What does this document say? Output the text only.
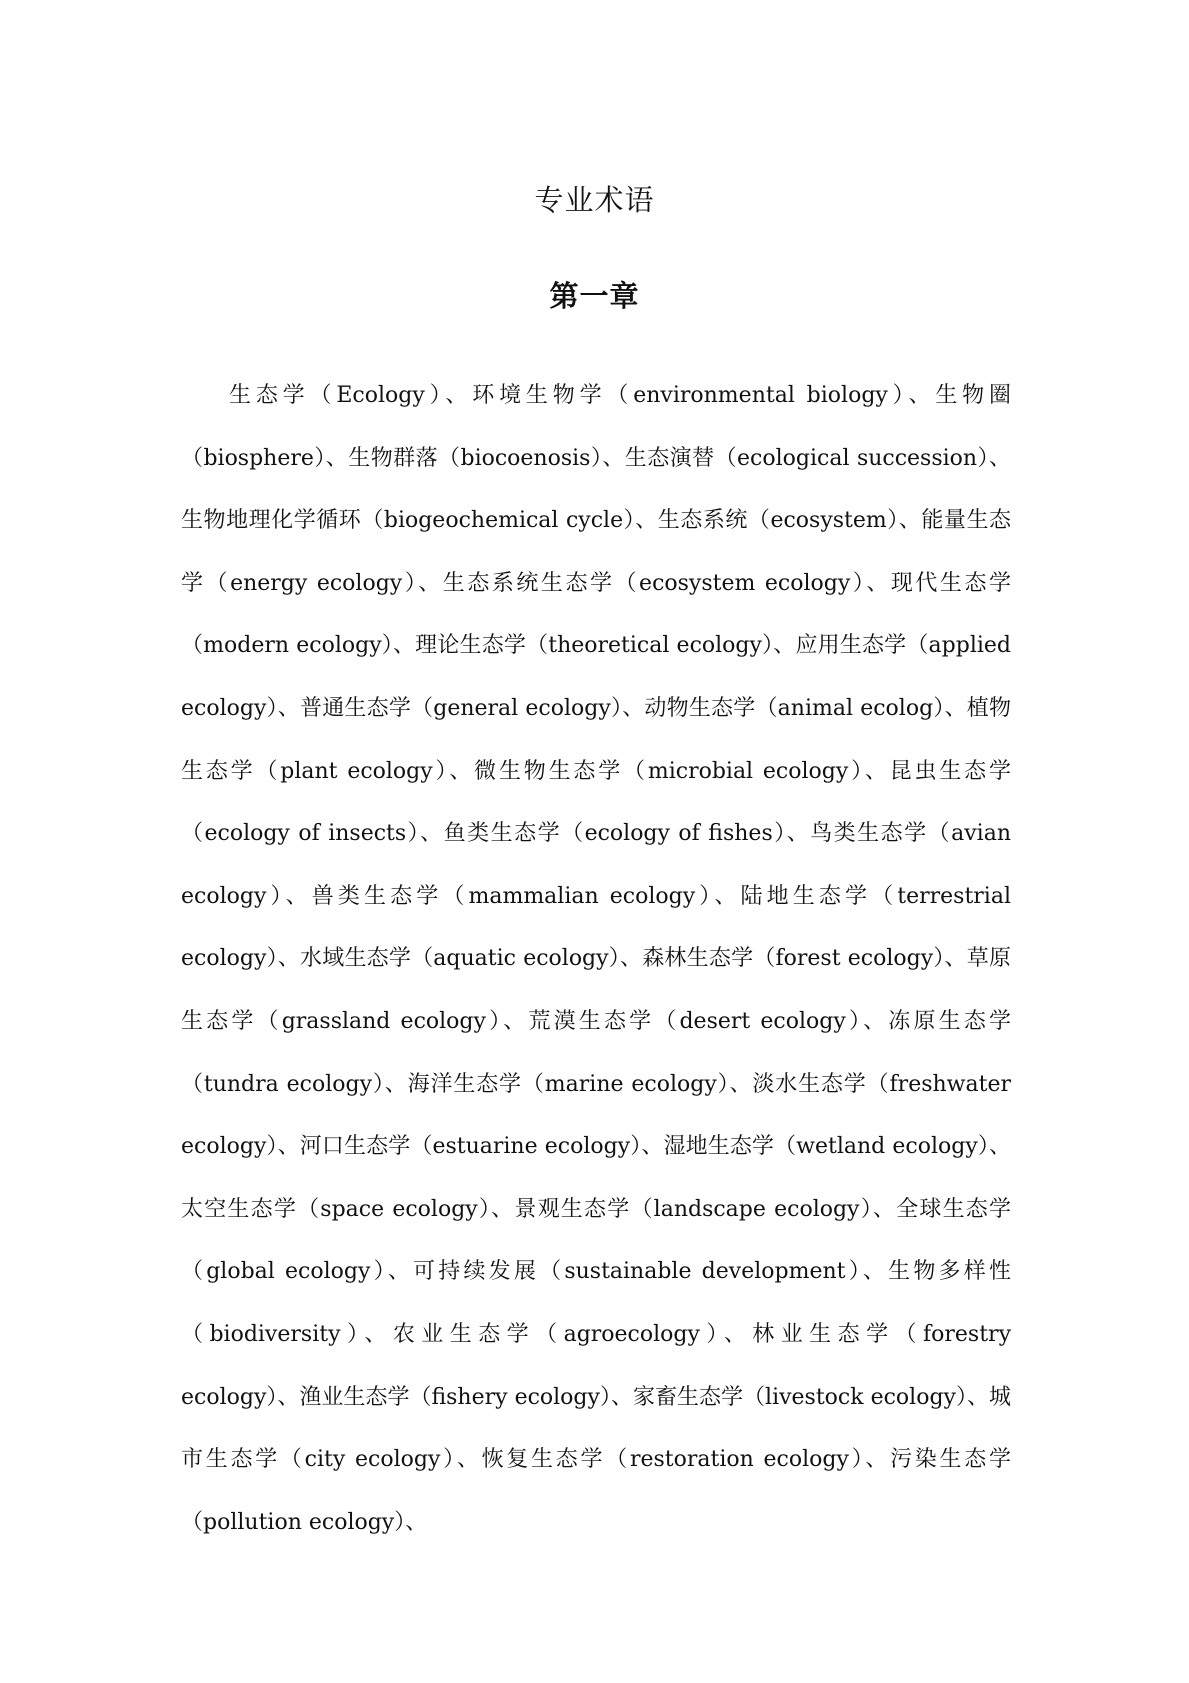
专业术语
第一章

生态学（Ecology）、环境生物学（environmental biology）、生物圈（biosphere）、生物群落（biocoenosis）、生态演替（ecological succession）、生物地理化学循环（biogeochemical cycle）、生态系统（ecosystem）、能量生态学（energy ecology）、生态系统生态学（ecosystem ecology）、现代生态学（modern ecology）、理论生态学（theoretical ecology）、应用生态学（applied ecology）、普通生态学（general ecology）、动物生态学（animal ecolog）、植物生态学（plant ecology）、微生物生态学（microbial ecology）、昆虫生态学（ecology of insects）、鱼类生态学（ecology of fishes）、鸟类生态学（avian ecology）、兽类生态学（mammalian ecology）、陆地生态学（terrestrial ecology）、水域生态学（aquatic ecology）、森林生态学（forest ecology）、草原生态学（grassland ecology）、荒漠生态学（desert ecology）、冻原生态学（tundra ecology）、海洋生态学（marine ecology）、淡水生态学（freshwater ecology）、河口生态学（estuarine ecology）、湿地生态学（wetland ecology）、太空生态学（space ecology）、景观生态学（landscape ecology）、全球生态学（global ecology）、可持续发展（sustainable development）、生物多样性（biodiversity）、农业生态学（agroecology）、林业生态学（forestry ecology）、渔业生态学（fishery ecology）、家畜生态学（livestock ecology）、城市生态学（city ecology）、恢复生态学（restoration ecology）、污染生态学（pollution ecology）、
